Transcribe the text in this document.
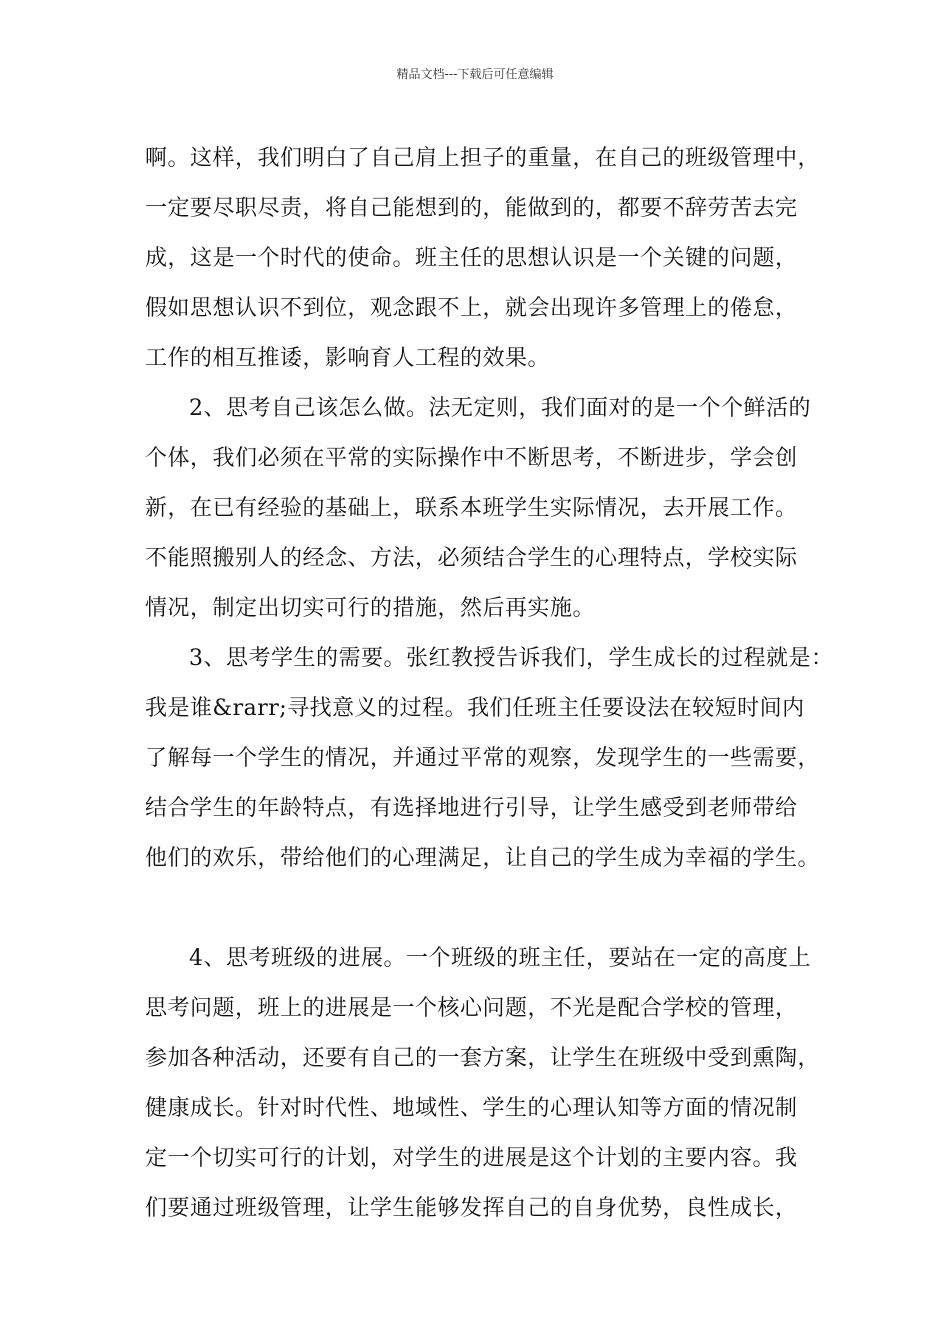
精品文档---下载后可任意编辑
啊。这样，我们明白了自己肩上担子的重量，在自己的班级管理中，
一定要尽职尽责，将自己能想到的，能做到的，都要不辞劳苦去完
成，这是一个时代的使命。班主任的思想认识是一个关键的问题，
假如思想认识不到位，观念跟不上，就会出现许多管理上的倦怠，
工作的相互推诿，影响育人工程的效果。
2、思考自己该怎么做。法无定则，我们面对的是一个个鲜活的
个体，我们必须在平常的实际操作中不断思考，不断进步，学会创
新，在已有经验的基础上，联系本班学生实际情况，去开展工作。
不能照搬别人的经念、方法，必须结合学生的心理特点，学校实际
情况，制定出切实可行的措施，然后再实施。
3、思考学生的需要。张红教授告诉我们，学生成长的过程就是：
我是谁&rarr;寻找意义的过程。我们任班主任要设法在较短时间内
了解每一个学生的情况，并通过平常的观察，发现学生的一些需要，
结合学生的年龄特点，有选择地进行引导，让学生感受到老师带给
他们的欢乐，带给他们的心理满足，让自己的学生成为幸福的学生。
4、思考班级的进展。一个班级的班主任，要站在一定的高度上
思考问题，班上的进展是一个核心问题，不光是配合学校的管理，
参加各种活动，还要有自己的一套方案，让学生在班级中受到熏陶，
健康成长。针对时代性、地域性、学生的心理认知等方面的情况制
定一个切实可行的计划，对学生的进展是这个计划的主要内容。我
们要通过班级管理，让学生能够发挥自己的自身优势，良性成长，
